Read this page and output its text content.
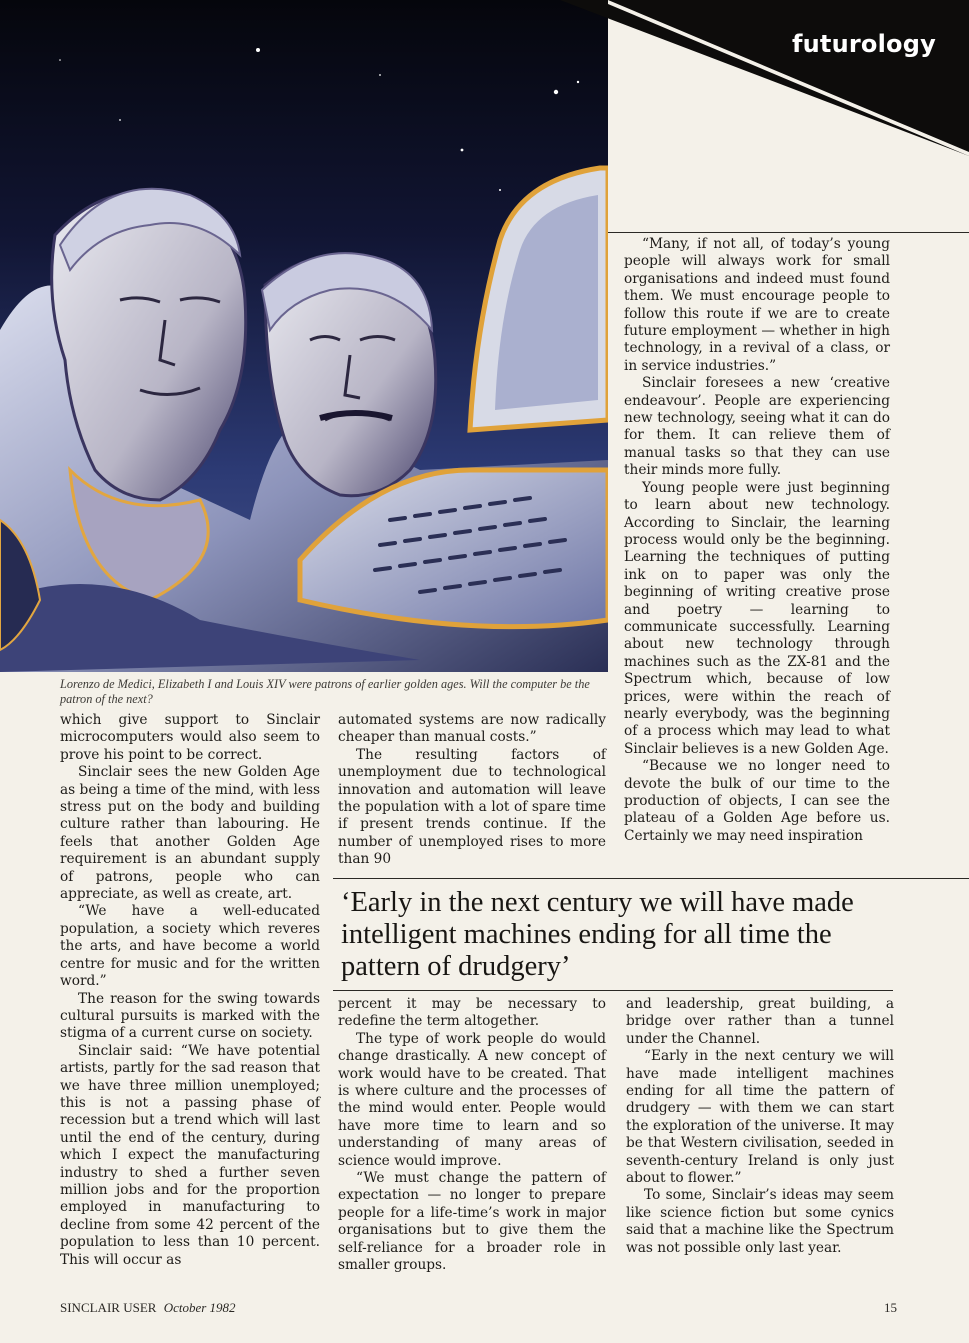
futurology
Lorenzo de Medici, Elizabeth I and Louis XIV were patrons of earlier golden ages. Will the computer be the patron of the next?

“Many, if not all, of today’s young people will always work for small organisations and indeed must found them. We must encourage people to follow this route if we are to create future employment — whether in high technology, in a revival of a class, or in service industries.”

Sinclair foresees a new ‘creative endeavour’. People are experiencing new technology, seeing what it can do for them. It can relieve them of manual tasks so that they can use their minds more fully.

Young people were just beginning to learn about new technology. According to Sinclair, the learning process would only be the beginning. Learning the techniques of putting ink on to paper was only the beginning of writing creative prose and poetry — learning to communicate successfully. Learning about new technology through machines such as the ZX-81 and the Spectrum which, because of low prices, were within the reach of nearly everybody, was the beginning of a process which may lead to what Sinclair believes is a new Golden Age.

“Because we no longer need to devote the bulk of our time to the production of objects, I can see the plateau of a Golden Age before us. Certainly we may need inspiration

which give support to Sinclair microcomputers would also seem to prove his point to be correct.

Sinclair sees the new Golden Age as being a time of the mind, with less stress put on the body and building culture rather than labouring. He feels that another Golden Age requirement is an abundant supply of patrons, people who can appreciate, as well as create, art.

“We have a well-educated population, a society which reveres the arts, and have become a world centre for music and for the written word.”

The reason for the swing towards cultural pursuits is marked with the stigma of a current curse on society.

Sinclair said: “We have potential artists, partly for the sad reason that we have three million unemployed; this is not a passing phase of recession but a trend which will last until the end of the century, during which I expect the manufacturing industry to shed a further seven million jobs and for the proportion employed in manufacturing to decline from some 42 percent of the population to less than 10 percent. This will occur as

automated systems are now radically cheaper than manual costs.”

The resulting factors of unemployment due to technological innovation and automation will leave the population with a lot of spare time if present trends continue. If the number of unemployed rises to more than 90

‘Early in the next century we will have made intelligent machines ending for all time the pattern of drudgery’

percent it may be necessary to redefine the term altogether.

The type of work people do would change drastically. A new concept of work would have to be created. That is where culture and the processes of the mind would enter. People would have more time to learn and so understanding of many areas of science would improve.

“We must change the pattern of expectation — no longer to prepare people for a life-time’s work in major organisations but to give them the self-reliance for a broader role in smaller groups.

and leadership, great building, a bridge over rather than a tunnel under the Channel.

“Early in the next century we will have made intelligent machines ending for all time the pattern of drudgery — with them we can start the exploration of the universe. It may be that Western civilisation, seeded in seventh-century Ireland is only just about to flower.”

To some, Sinclair’s ideas may seem like science fiction but some cynics said that a machine like the Spectrum was not possible only last year.

SINCLAIR USER October 1982	15
